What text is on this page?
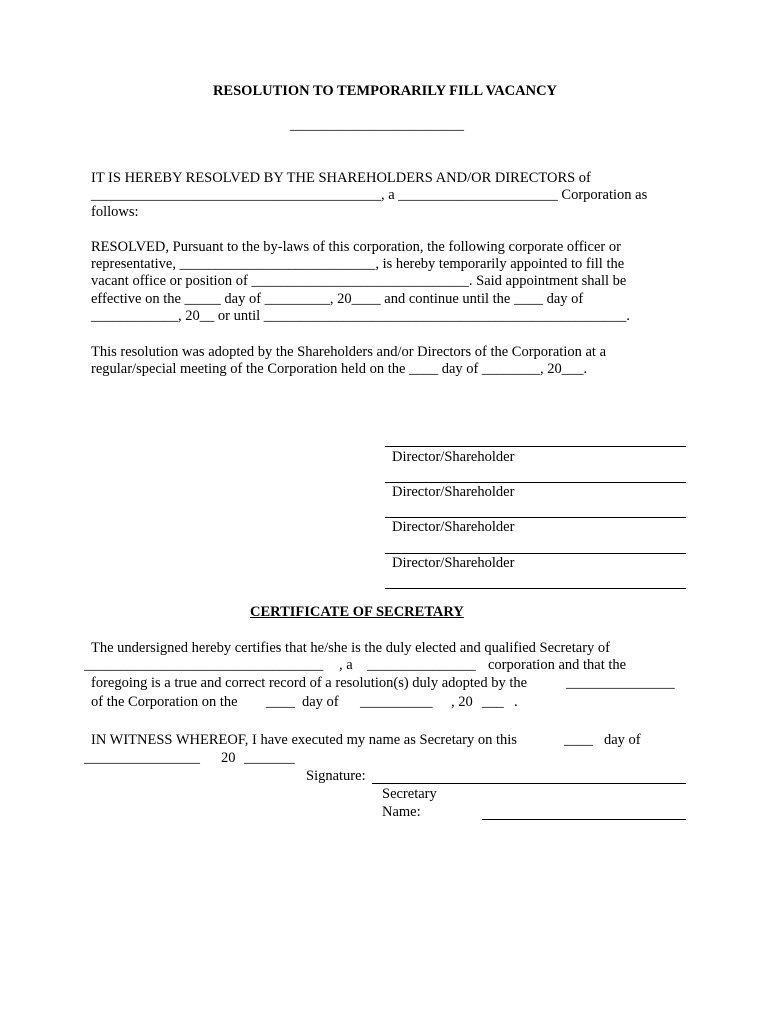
RESOLUTION TO TEMPORARILY FILL VACANCY
________________________
IT IS HEREBY RESOLVED BY THE SHAREHOLDERS AND/OR DIRECTORS of
________________________________________, a ______________________ Corporation as
follows:
RESOLVED, Pursuant to the by-laws of this corporation, the following corporate officer or
representative, ___________________________, is hereby temporarily appointed to fill the
vacant office or position of ______________________________. Said appointment shall be
effective on the _____ day of _________, 20____ and continue until the ____ day of
____________, 20__ or until __________________________________________________.
This resolution was adopted by the Shareholders and/or Directors of the Corporation at a
regular/special meeting of the Corporation held on the ____ day of ________, 20___.
Director/Shareholder
Director/Shareholder
Director/Shareholder
Director/Shareholder
CERTIFICATE OF SECRETARY
The undersigned hereby certifies that he/she is the duly elected and qualified Secretary of
_________________________________ , a _______________ corporation and that the
foregoing is a true and correct record of a resolution(s) duly adopted by the	_______________
of the Corporation on the ____ day of __________ , 20 ___ .
IN WITNESS WHEREOF, I have executed my name as Secretary on this	____ day of
________________ 20 _______
Signature:
Secretary
Name:
